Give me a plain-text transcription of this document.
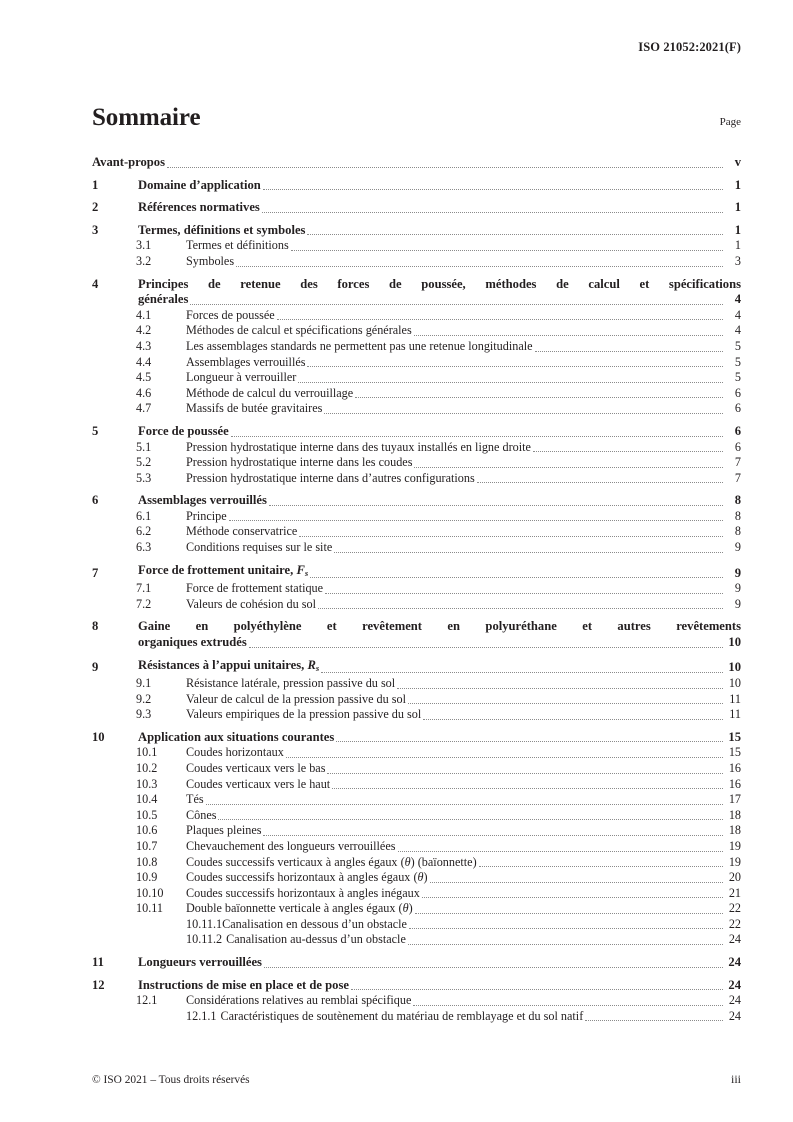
ISO 21052:2021(F)
Sommaire	Page
Avant-propos	v
1	Domaine d’application	1
2	Références normatives	1
3	Termes, définitions et symboles	1
3.1	Termes et définitions	1
3.2	Symboles	3
4	Principes de retenue des forces de poussée, méthodes de calcul et spécifications
générales	4
4.1	Forces de poussée	4
4.2	Méthodes de calcul et spécifications générales	4
4.3	Les assemblages standards ne permettent pas une retenue longitudinale	5
4.4	Assemblages verrouillés	5
4.5	Longueur à verrouiller	5
4.6	Méthode de calcul du verrouillage	6
4.7	Massifs de butée gravitaires	6
5	Force de poussée	6
5.1	Pression hydrostatique interne dans des tuyaux installés en ligne droite	6
5.2	Pression hydrostatique interne dans les coudes	7
5.3	Pression hydrostatique interne dans d’autres configurations	7
6	Assemblages verrouillés	8
6.1	Principe	8
6.2	Méthode conservatrice	8
6.3	Conditions requises sur le site	9
7	Force de frottement unitaire, $F_s$	9
7.1	Force de frottement statique	9
7.2	Valeurs de cohésion du sol	9
8	Gaine en polyéthylène et revêtement en polyuréthane et autres revêtements
organiques extrudés	10
9	Résistances à l’appui unitaires, $R_s$	10
9.1	Résistance latérale, pression passive du sol	10
9.2	Valeur de calcul de la pression passive du sol	11
9.3	Valeurs empiriques de la pression passive du sol	11
10	Application aux situations courantes	15
10.1	Coudes horizontaux	15
10.2	Coudes verticaux vers le bas	16
10.3	Coudes verticaux vers le haut	16
10.4	Tés	17
10.5	Cônes	18
10.6	Plaques pleines	18
10.7	Chevauchement des longueurs verrouillées	19
10.8	Coudes successifs verticaux à angles égaux (θ) (baïonnette)	19
10.9	Coudes successifs horizontaux à angles égaux (θ)	20
10.10	Coudes successifs horizontaux à angles inégaux	21
10.11	Double baïonnette verticale à angles égaux (θ)	22
10.11.1 Canalisation en dessous d’un obstacle	22
10.11.2 Canalisation au-dessus d’un obstacle	24
11	Longueurs verrouillées	24
12	Instructions de mise en place et de pose	24
12.1	Considérations relatives au remblai spécifique	24
12.1.1 Caractéristiques de soutènement du matériau de remblayage et du sol natif	24
© ISO 2021 – Tous droits réservés	iii
